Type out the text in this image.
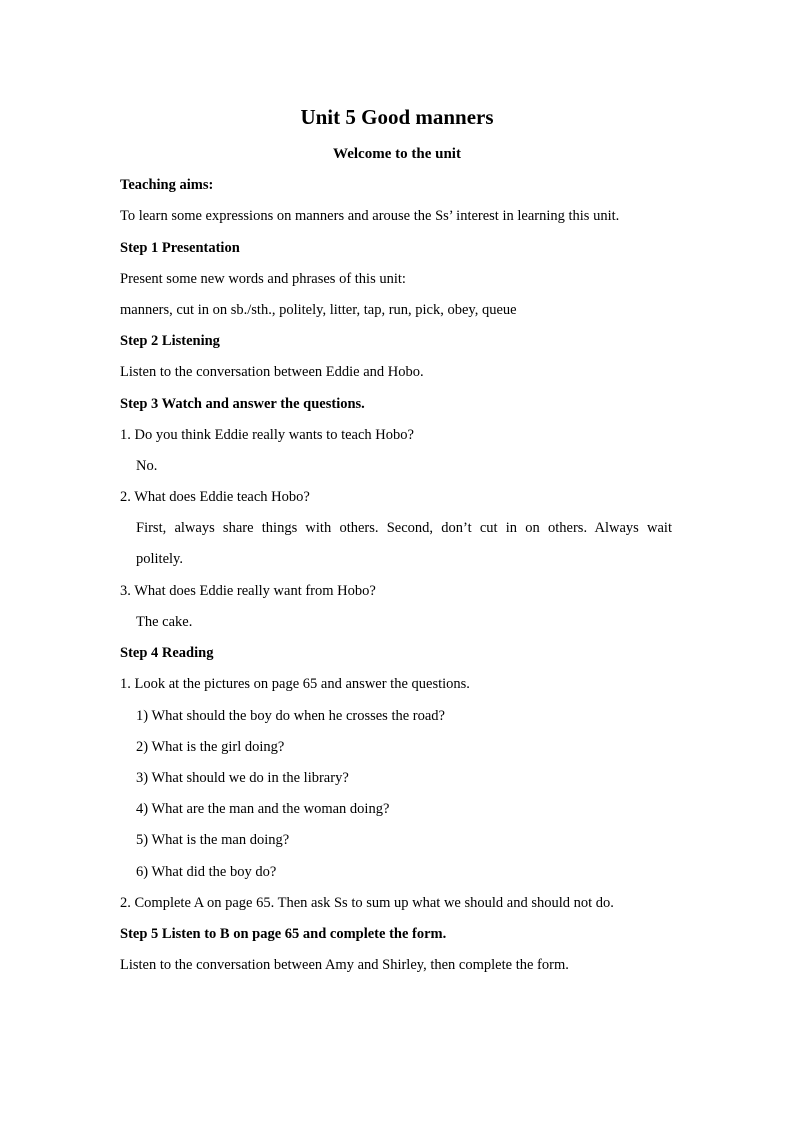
Unit 5 Good manners
Welcome to the unit
Teaching aims:
To learn some expressions on manners and arouse the Ss’ interest in learning this unit.
Step 1 Presentation
Present some new words and phrases of this unit:
manners, cut in on sb./sth., politely, litter, tap, run, pick, obey, queue
Step 2 Listening
Listen to the conversation between Eddie and Hobo.
Step 3 Watch and answer the questions.
1. Do you think Eddie really wants to teach Hobo?
No.
2. What does Eddie teach Hobo?
First, always share things with others. Second, don’t cut in on others. Always wait
politely.
3. What does Eddie really want from Hobo?
The cake.
Step 4 Reading
1. Look at the pictures on page 65 and answer the questions.
1) What should the boy do when he crosses the road?
2) What is the girl doing?
3) What should we do in the library?
4) What are the man and the woman doing?
5) What is the man doing?
6) What did the boy do?
2. Complete A on page 65. Then ask Ss to sum up what we should and should not do.
Step 5 Listen to B on page 65 and complete the form.
Listen to the conversation between Amy and Shirley, then complete the form.
